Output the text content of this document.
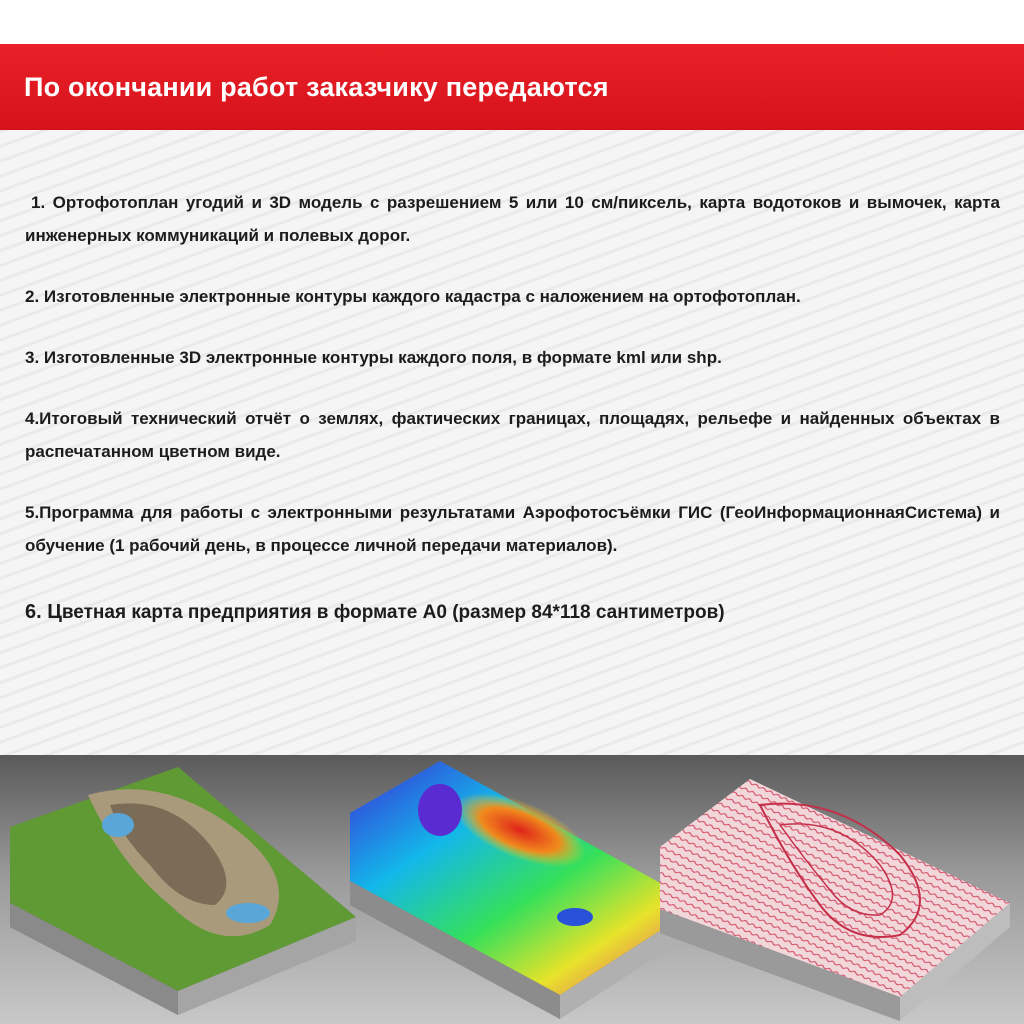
По окончании работ заказчику передаются

1. Ортофотоплан угодий и 3D модель с разрешением 5 или 10 см/пиксель, карта водотоков и вымочек, карта инженерных коммуникаций и полевых дорог.

2. Изготовленные электронные контуры каждого кадастра с наложением на ортофотоплан.

3. Изготовленные 3D электронные контуры каждого поля, в формате kml или shp.

4.Итоговый технический отчёт о землях, фактических границах, площадях, рельефе и найденных объектах в распечатанном цветном виде.

5.Программа для работы с электронными результатами Аэрофотосъёмки ГИС (ГеоИнформационнаяСистема) и обучение (1 рабочий день, в процессе личной передачи материалов).

6. Цветная карта предприятия в формате А0 (размер 84*118 сантиметров)
